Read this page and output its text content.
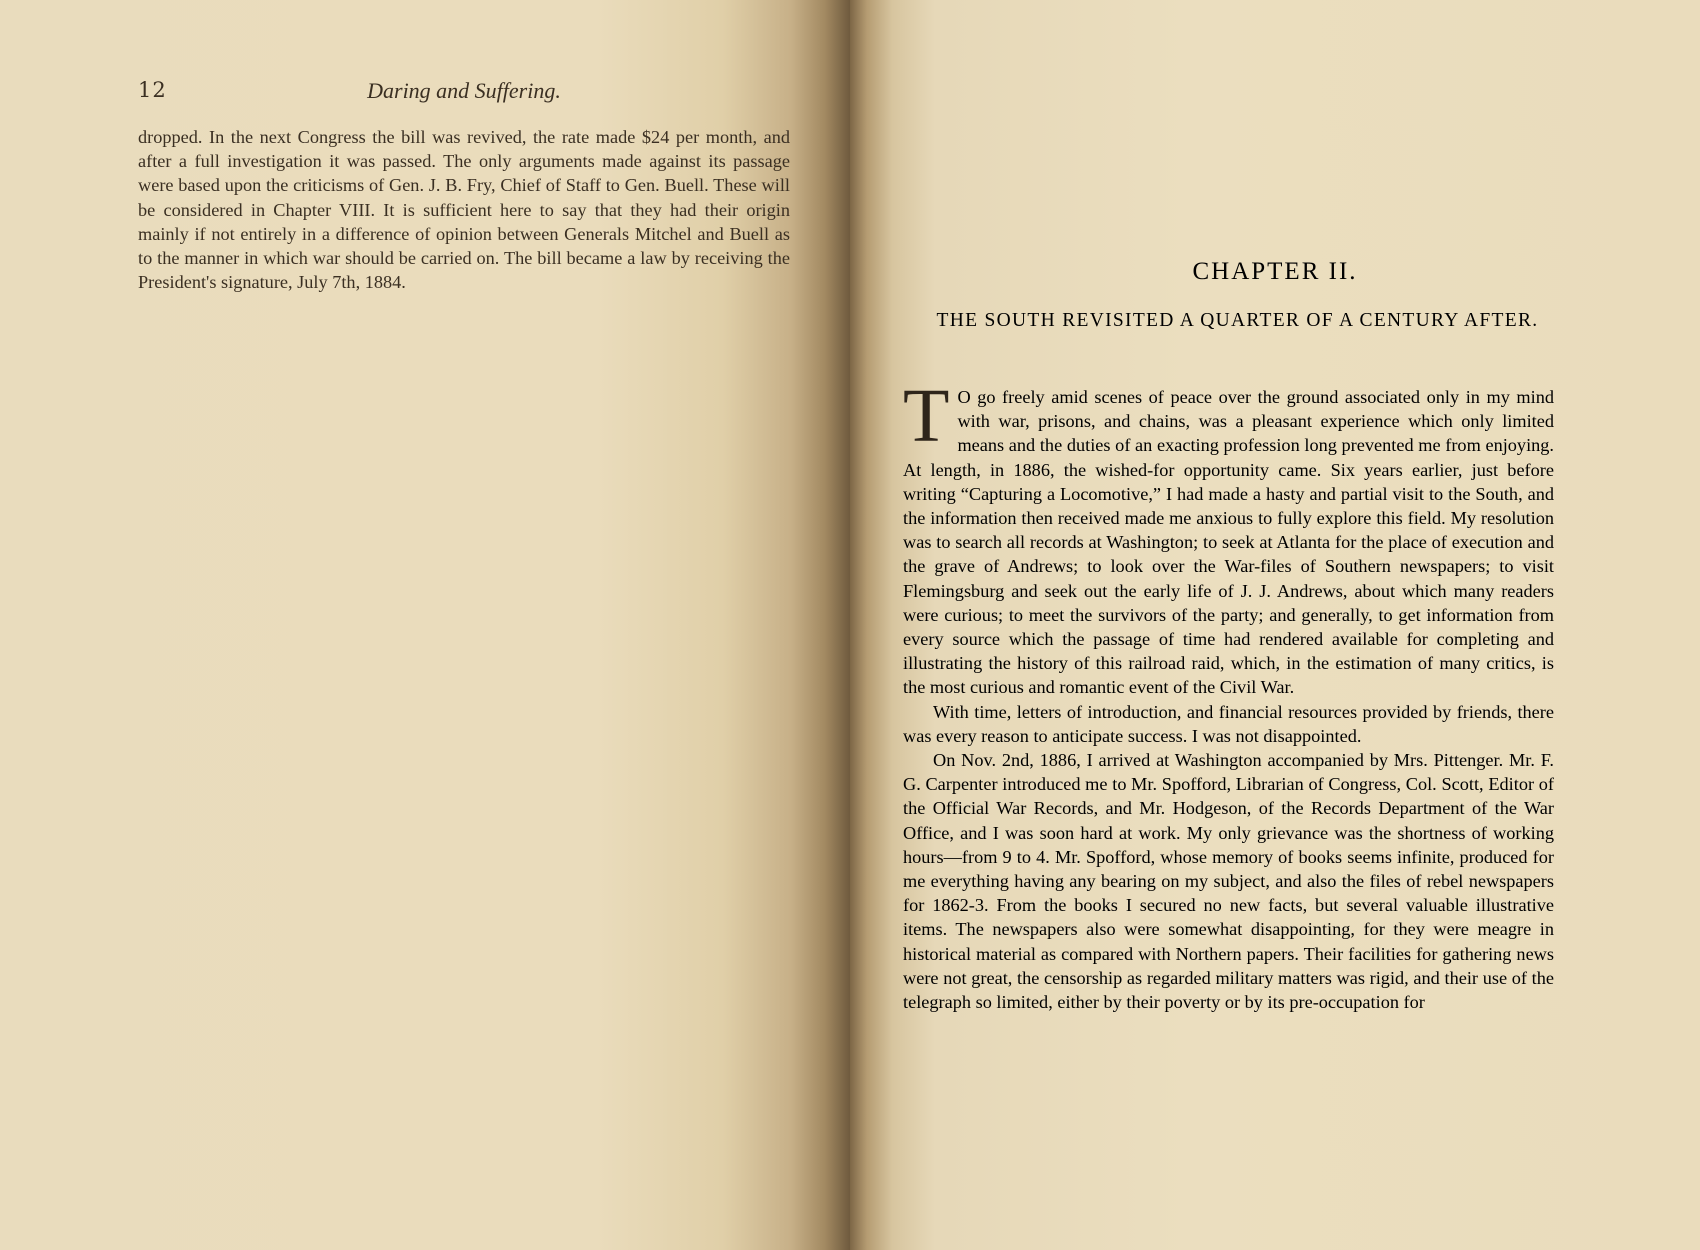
12	Daring and Suffering.

dropped. In the next Congress the bill was revived, the rate made $24 per month, and after a full investigation it was passed. The only arguments made against its passage were based upon the criticisms of Gen. J. B. Fry, Chief of Staff to Gen. Buell. These will be considered in Chapter VIII. It is sufficient here to say that they had their origin mainly if not entirely in a difference of opinion between Generals Mitchel and Buell as to the manner in which war should be carried on. The bill became a law by receiving the President's signature, July 7th, 1884.	CHAPTER II.
THE SOUTH REVISITED A QUARTER OF A CENTURY AFTER.

T O go freely amid scenes of peace over the ground associated only in my mind with war, prisons, and chains, was a pleasant experience which only limited means and the duties of an exacting profession long prevented me from enjoying. At length, in 1886, the wished-for opportunity came. Six years earlier, just before writing “Capturing a Locomotive,” I had made a hasty and partial visit to the South, and the information then received made me anxious to fully explore this field. My resolution was to search all records at Washington; to seek at Atlanta for the place of execution and the grave of Andrews; to look over the War-files of Southern newspapers; to visit Flemingsburg and seek out the early life of J. J. Andrews, about which many readers were curious; to meet the survivors of the party; and generally, to get information from every source which the passage of time had rendered available for completing and illustrating the history of this railroad raid, which, in the estimation of many critics, is the most curious and romantic event of the Civil War.

With time, letters of introduction, and financial resources provided by friends, there was every reason to anticipate success. I was not disappointed.

On Nov. 2nd, 1886, I arrived at Washington accompanied by Mrs. Pittenger. Mr. F. G. Carpenter introduced me to Mr. Spofford, Librarian of Congress, Col. Scott, Editor of the Official War Records, and Mr. Hodgeson, of the Records Department of the War Office, and I was soon hard at work. My only grievance was the shortness of working hours—from 9 to 4. Mr. Spofford, whose memory of books seems infinite, produced for me everything having any bearing on my subject, and also the files of rebel newspapers for 1862-3. From the books I secured no new facts, but several valuable illustrative items. The newspapers also were somewhat disappointing, for they were meagre in historical material as compared with Northern papers. Their facilities for gathering news were not great, the censorship as regarded military matters was rigid, and their use of the telegraph so limited, either by their poverty or by its pre-occupation for
